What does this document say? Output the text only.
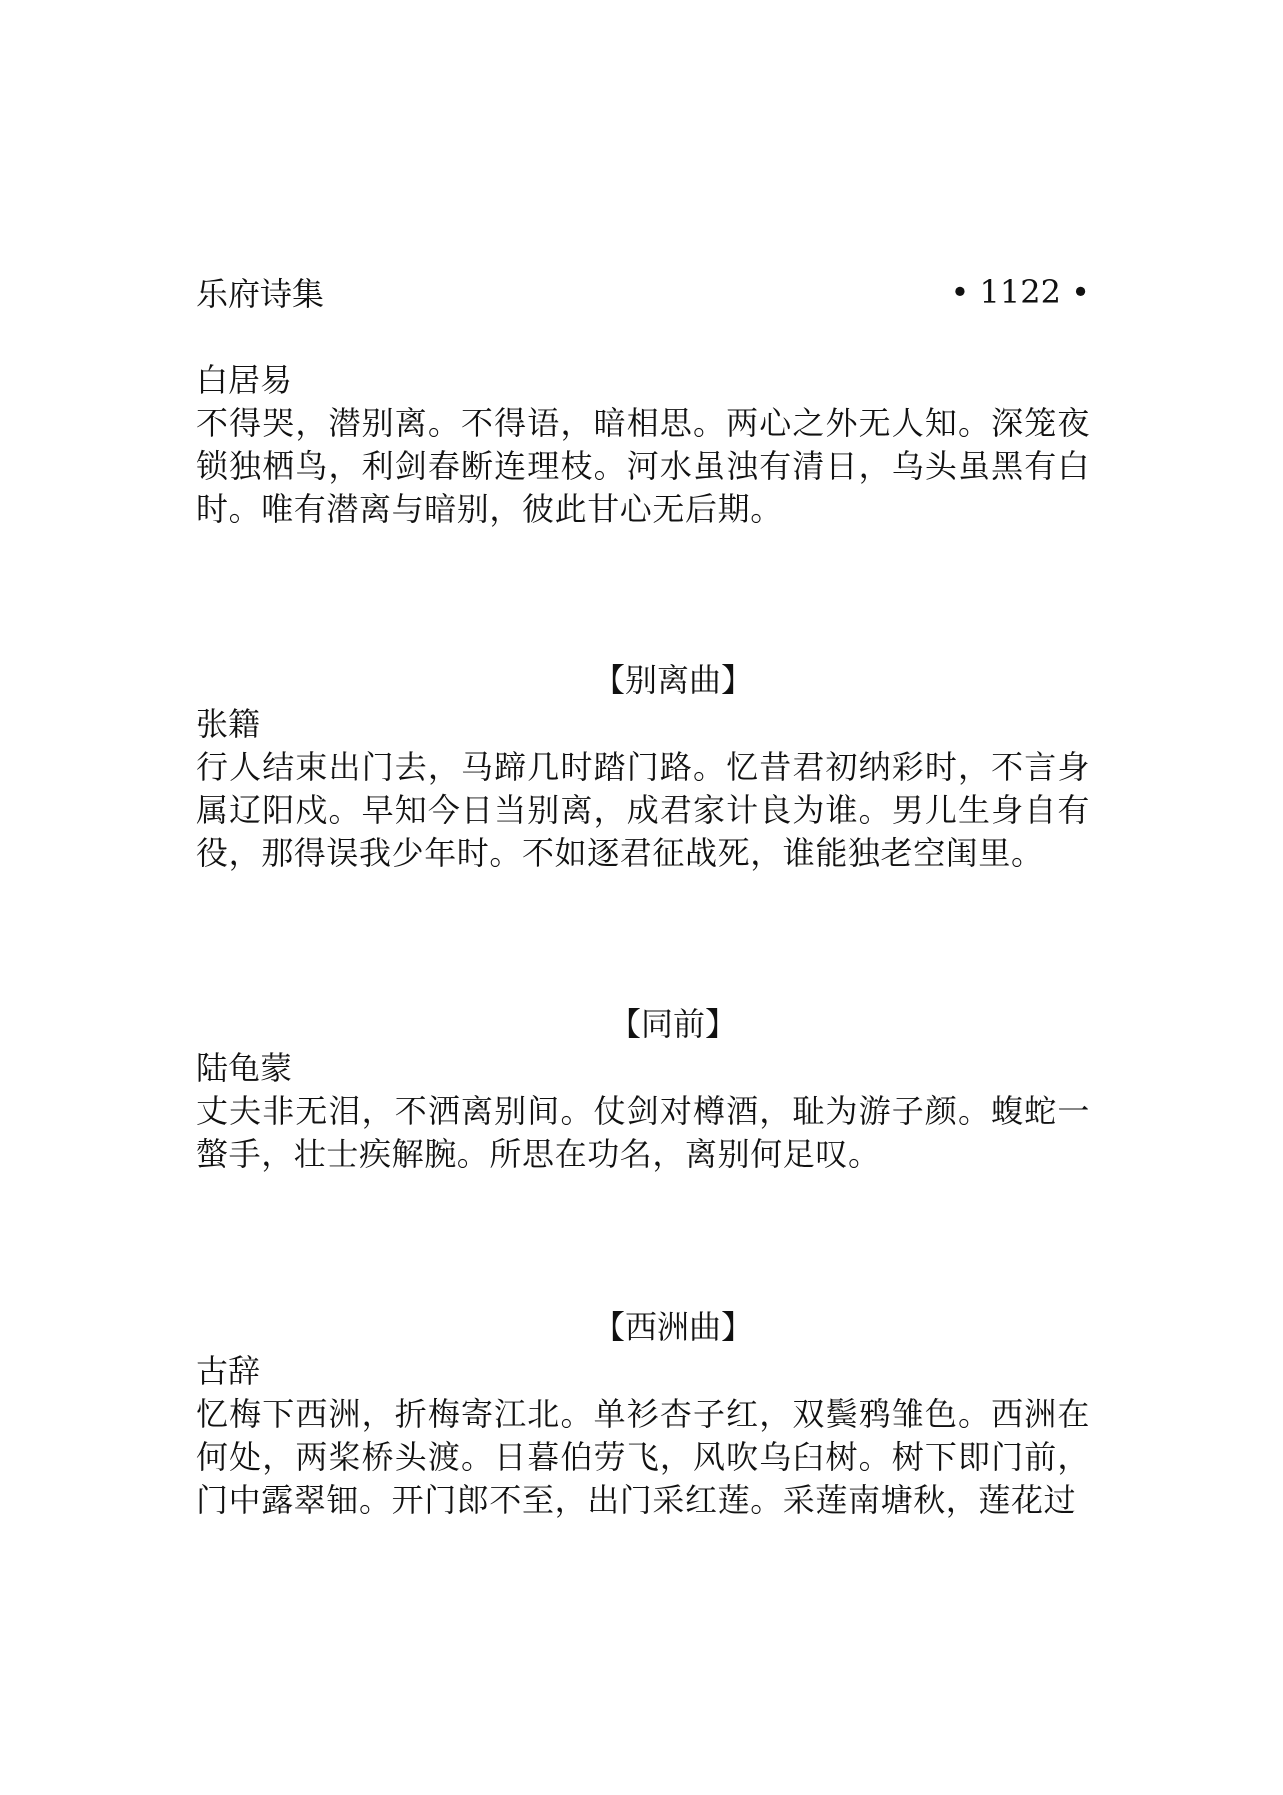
乐府诗集	• 1122 •
白居易

不得哭，潜别离。不得语，暗相思。两心之外无人知。深笼夜锁独栖鸟，利剑春断连理枝。河水虽浊有清日，乌头虽黑有白时。唯有潜离与暗别，彼此甘心无后期。

【别离曲】
张籍

行人结束出门去，马蹄几时踏门路。忆昔君初纳彩时，不言身属辽阳戍。早知今日当别离，成君家计良为谁。男儿生身自有役，那得误我少年时。不如逐君征战死，谁能独老空闺里。

【同前】
陆龟蒙

丈夫非无泪，不洒离别间。仗剑对樽酒，耻为游子颜。蝮蛇一螫手，壮士疾解腕。所思在功名，离别何足叹。

【西洲曲】
古辞

忆梅下西洲，折梅寄江北。单衫杏子红，双鬓鸦雏色。西洲在何处，两桨桥头渡。日暮伯劳飞，风吹乌臼树。树下即门前，门中露翠钿。开门郎不至，出门采红莲。采莲南塘秋，莲花过
